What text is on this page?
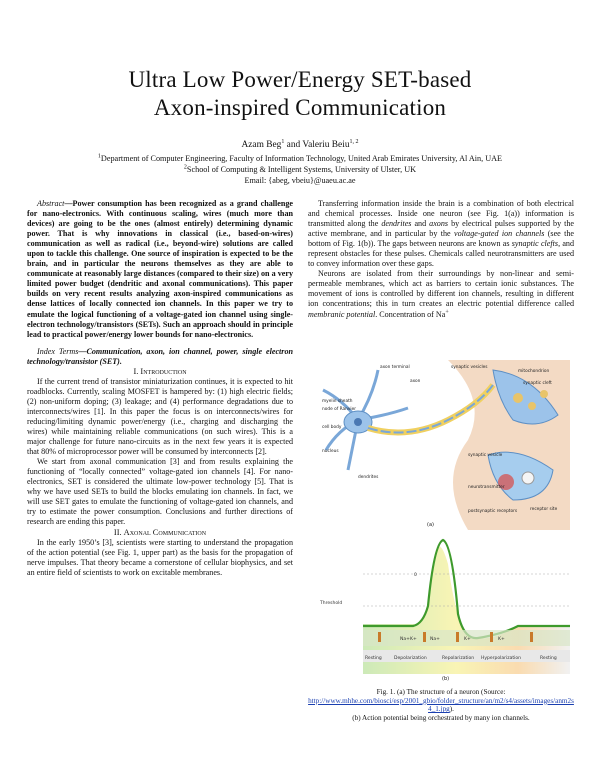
Ultra Low Power/Energy SET-based
Axon-inspired Communication
Azam Beg$^1$ and Valeriu Beiu$^{1, 2}$
$^1$Department of Computer Engineering, Faculty of Information Technology, United Arab Emirates University, Al Ain, UAE
$^2$School of Computing & Intelligent Systems, University of Ulster, UK
Email: {abeg, vbeiu}@uaeu.ac.ae

Abstract—Power consumption has been recognized as a grand challenge for nano-electronics. With continuous scaling, wires (much more than devices) are going to be the ones (almost entirely) determining dynamic power. That is why innovations in classical (i.e., based-on-wires) communication as well as radical (i.e., beyond-wire) solutions are called upon to tackle this challenge. One source of inspiration is expected to be the brain, and in particular the neurons themselves as they are able to communicate at reasonably large distances (compared to their size) on a very limited power budget (dendritic and axonal communications). This paper builds on very recent results analyzing axon-inspired communications as dense lattices of locally connected ion channels. In this paper we try to emulate the logical functioning of a voltage-gated ion channel using single-electron technology/transistors (SETs). Such an approach should in principle lead to practical power/energy lower bounds for nano-electronics.

Index Terms—Communication, axon, ion channel, power, single electron technology/transistor (SET).

I. Introduction

If the current trend of transistor miniaturization continues, it is expected to hit roadblocks. Currently, scaling MOSFET is hampered by: (1) high electric fields; (2) non-uniform doping; (3) leakage; and (4) performance degradations due to interconnects/wires [1]. In this paper the focus is on interconnects/wires for reducing/limiting dynamic power/energy (i.e., charging and discharging the wires) while maintaining reliable communications (on such wires). This is a major challenge for future nano-circuits as in the next few years it is expected that 80% of microprocessor power will be consumed by interconnects [2].

We start from axonal communication [3] and from results explaining the functioning of “locally connected” voltage-gated ion channels [4]. For nano-electronics, SET is considered the ultimate low-power technology [5]. That is why we have used SETs to build the blocks emulating ion channels. In fact, we will use SET gates to emulate the functioning of voltage-gated ion channels, and try to estimate the power consumption. Conclusions and further directions of research are ending this paper.

II. Axonal Communication

In the early 1950’s [3], scientists were starting to understand the propagation of the action potential (see Fig. 1, upper part) as the basis for the propagation of nerve impulses. That theory became a cornerstone of cellular biophysics, and set an entire field of scientists to work on excitable membranes.

Transferring information inside the brain is a combination of both electrical and chemical processes. Inside one neuron (see Fig. 1(a)) information is transmitted along the dendrites and axons by electrical pulses supported by the active membrane, and in particular by the voltage-gated ion channels (see the bottom of Fig. 1(b)). The gaps between neurons are known as synaptic clefts, and represent obstacles for these pulses. Chemicals called neurotransmitters are used to convey information over these gaps.

Neurons are isolated from their surroundings by non-linear and semi-permeable membranes, which act as barriers to certain ionic substances. The movement of ions is controlled by different ion channels, resulting in different ion concentrations; this in turn creates an electric potential difference called membranic potential. Concentration of Na+

axon terminal	synaptic vesicles
mitochondrion
synaptic cleft
axon
myelin sheath
node of Ranvier
cell body
nucleus
dendrites
synaptic vesicle
neurotransmitter
postsynaptic receptors	receptor site
(a)
0
Threshold
Resting	Depolarization	Repolarization Hyperpolarization	Resting
Na+ K+	Na+	K+	K+
(b)
Fig. 1. (a) The structure of a neuron (Source:
http://www.mhhe.com/biosci/esp/2001_gbio/folder_structure/an/m2/s4/assets/images/anm2s4_1.jpg).
(b) Action potential being orchestrated by many ion channels.
